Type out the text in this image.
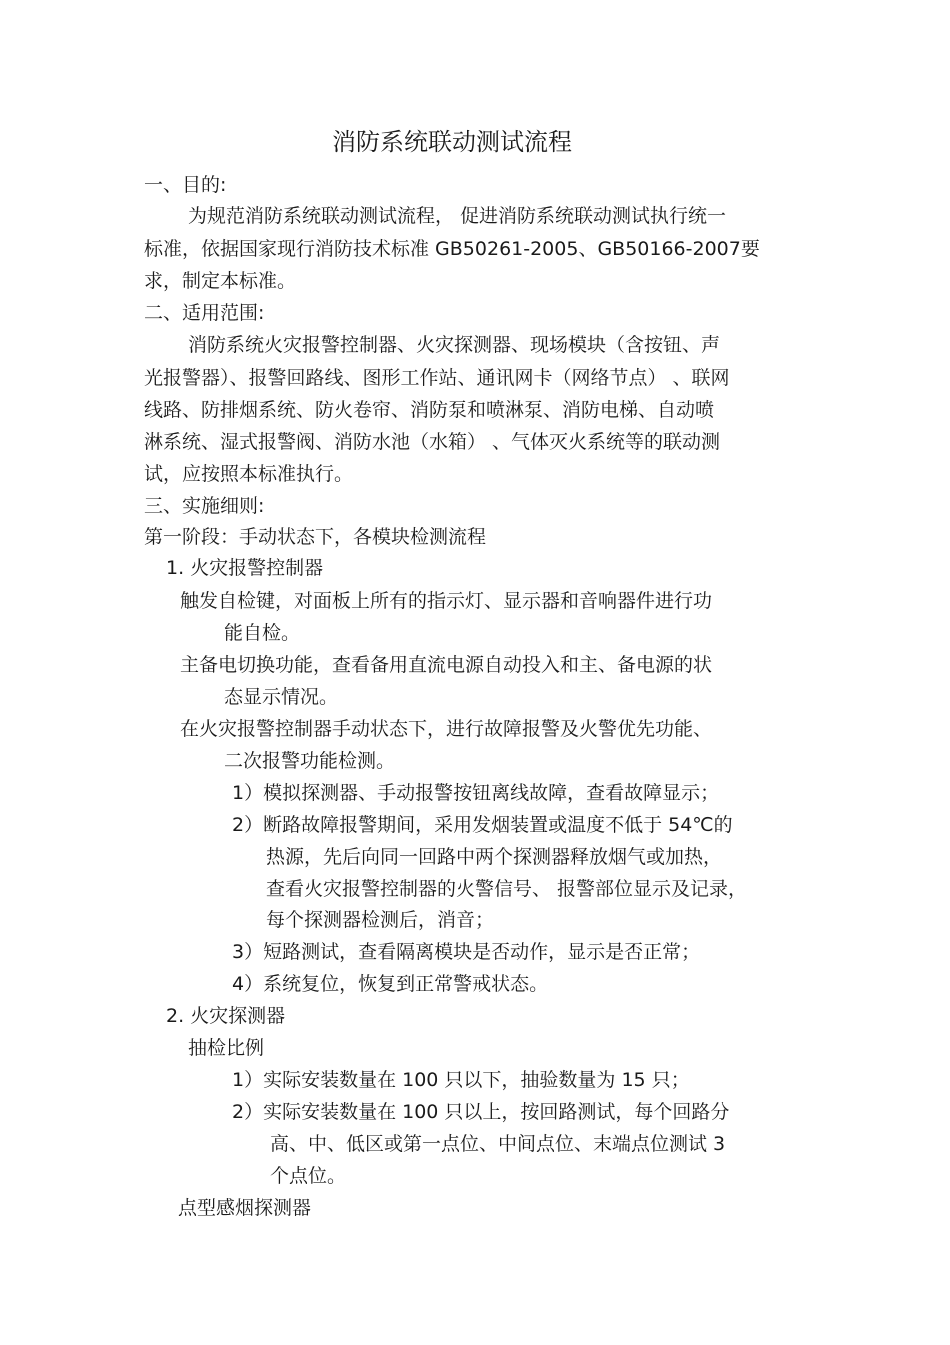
消防系统联动测试流程
一、目的:
为规范消防系统联动测试流程， 促进消防系统联动测试执行统一
标准，依据国家现行消防技术标准 GB50261-2005、GB50166-2007要
求，制定本标准。
二、适用范围:
消防系统火灾报警控制器、火灾探测器、现场模块（含按钮、声
光报警器）、报警回路线、图形工作站、通讯网卡（网络节点） 、联网
线路、防排烟系统、防火卷帘、消防泵和喷淋泵、消防电梯、自动喷
淋系统、湿式报警阀、消防水池（水箱） 、气体灭火系统等的联动测
试，应按照本标准执行。
三、实施细则:
第一阶段：手动状态下，各模块检测流程
1. 火灾报警控制器
触发自检键，对面板上所有的指示灯、显示器和音响器件进行功
能自检。
主备电切换功能，查看备用直流电源自动投入和主、备电源的状
态显示情况。
在火灾报警控制器手动状态下，进行故障报警及火警优先功能、
二次报警功能检测。
1）模拟探测器、手动报警按钮离线故障，查看故障显示；
2）断路故障报警期间，采用发烟装置或温度不低于 54℃的
热源，先后向同一回路中两个探测器释放烟气或加热，
查看火灾报警控制器的火警信号、 报警部位显示及记录，
每个探测器检测后，消音；
3）短路测试，查看隔离模块是否动作，显示是否正常；
4）系统复位，恢复到正常警戒状态。
2. 火灾探测器
抽检比例
1）实际安装数量在 100 只以下，抽验数量为 15 只；
2）实际安装数量在 100 只以上，按回路测试，每个回路分
高、中、低区或第一点位、中间点位、末端点位测试 3
个点位。
点型感烟探测器
